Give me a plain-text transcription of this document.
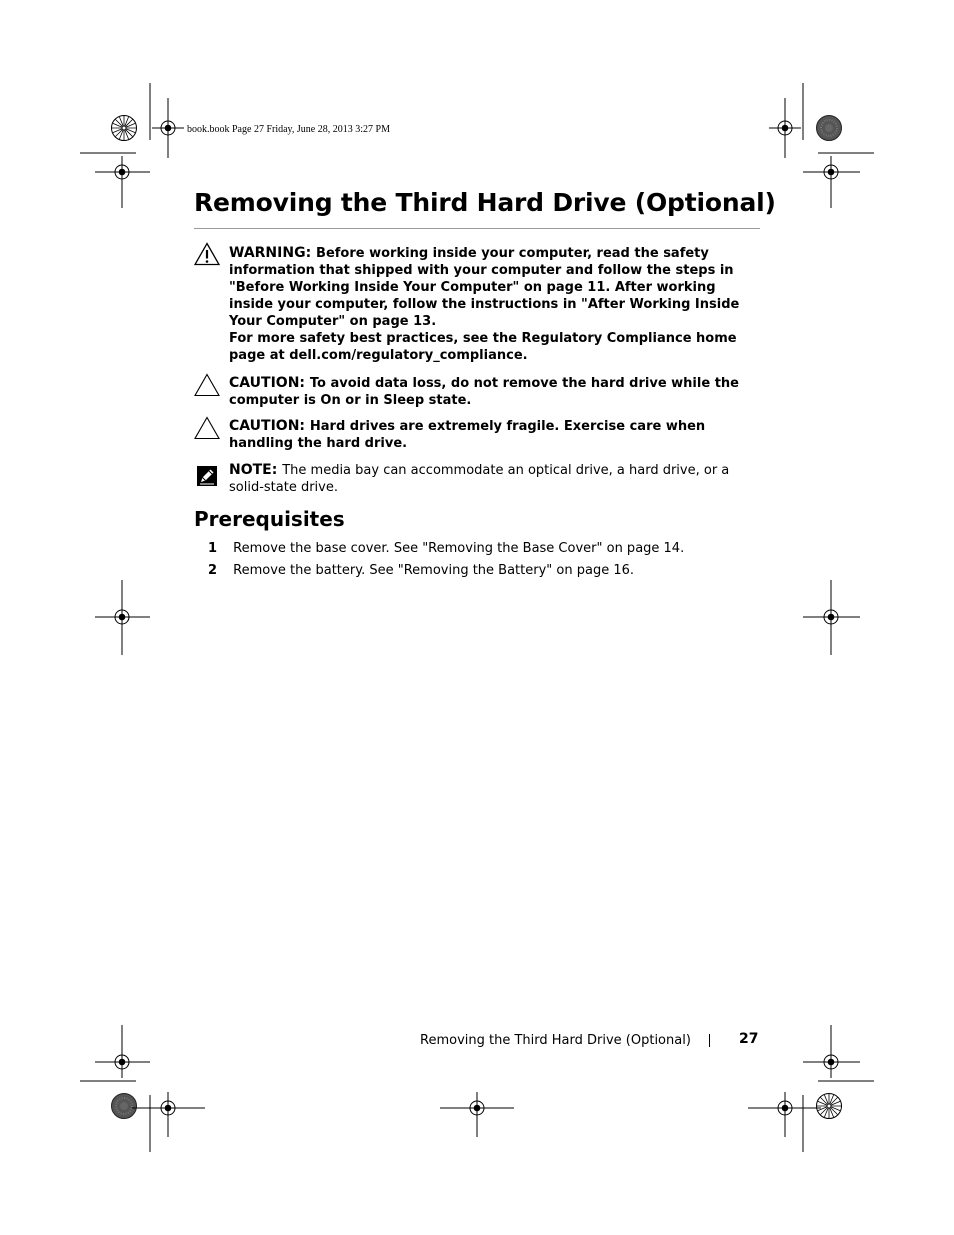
book.book Page 27 Friday, June 28, 2013 3:27 PM
Removing the Third Hard Drive (Optional)
WARNING: Before working inside your computer, read the safety information that shipped with your computer and follow the steps in "Before Working Inside Your Computer" on page 11. After working inside your computer, follow the instructions in "After Working Inside Your Computer" on page 13.
For more safety best practices, see the Regulatory Compliance home page at dell.com/regulatory_compliance.
CAUTION: To avoid data loss, do not remove the hard drive while the computer is On or in Sleep state.
CAUTION: Hard drives are extremely fragile. Exercise care when handling the hard drive.
NOTE: The media bay can accommodate an optical drive, a hard drive, or a solid-state drive.
Prerequisites
1 Remove the base cover. See "Removing the Base Cover" on page 14.
2 Remove the battery. See "Removing the Battery" on page 16.
Removing the Third Hard Drive (Optional)	27
